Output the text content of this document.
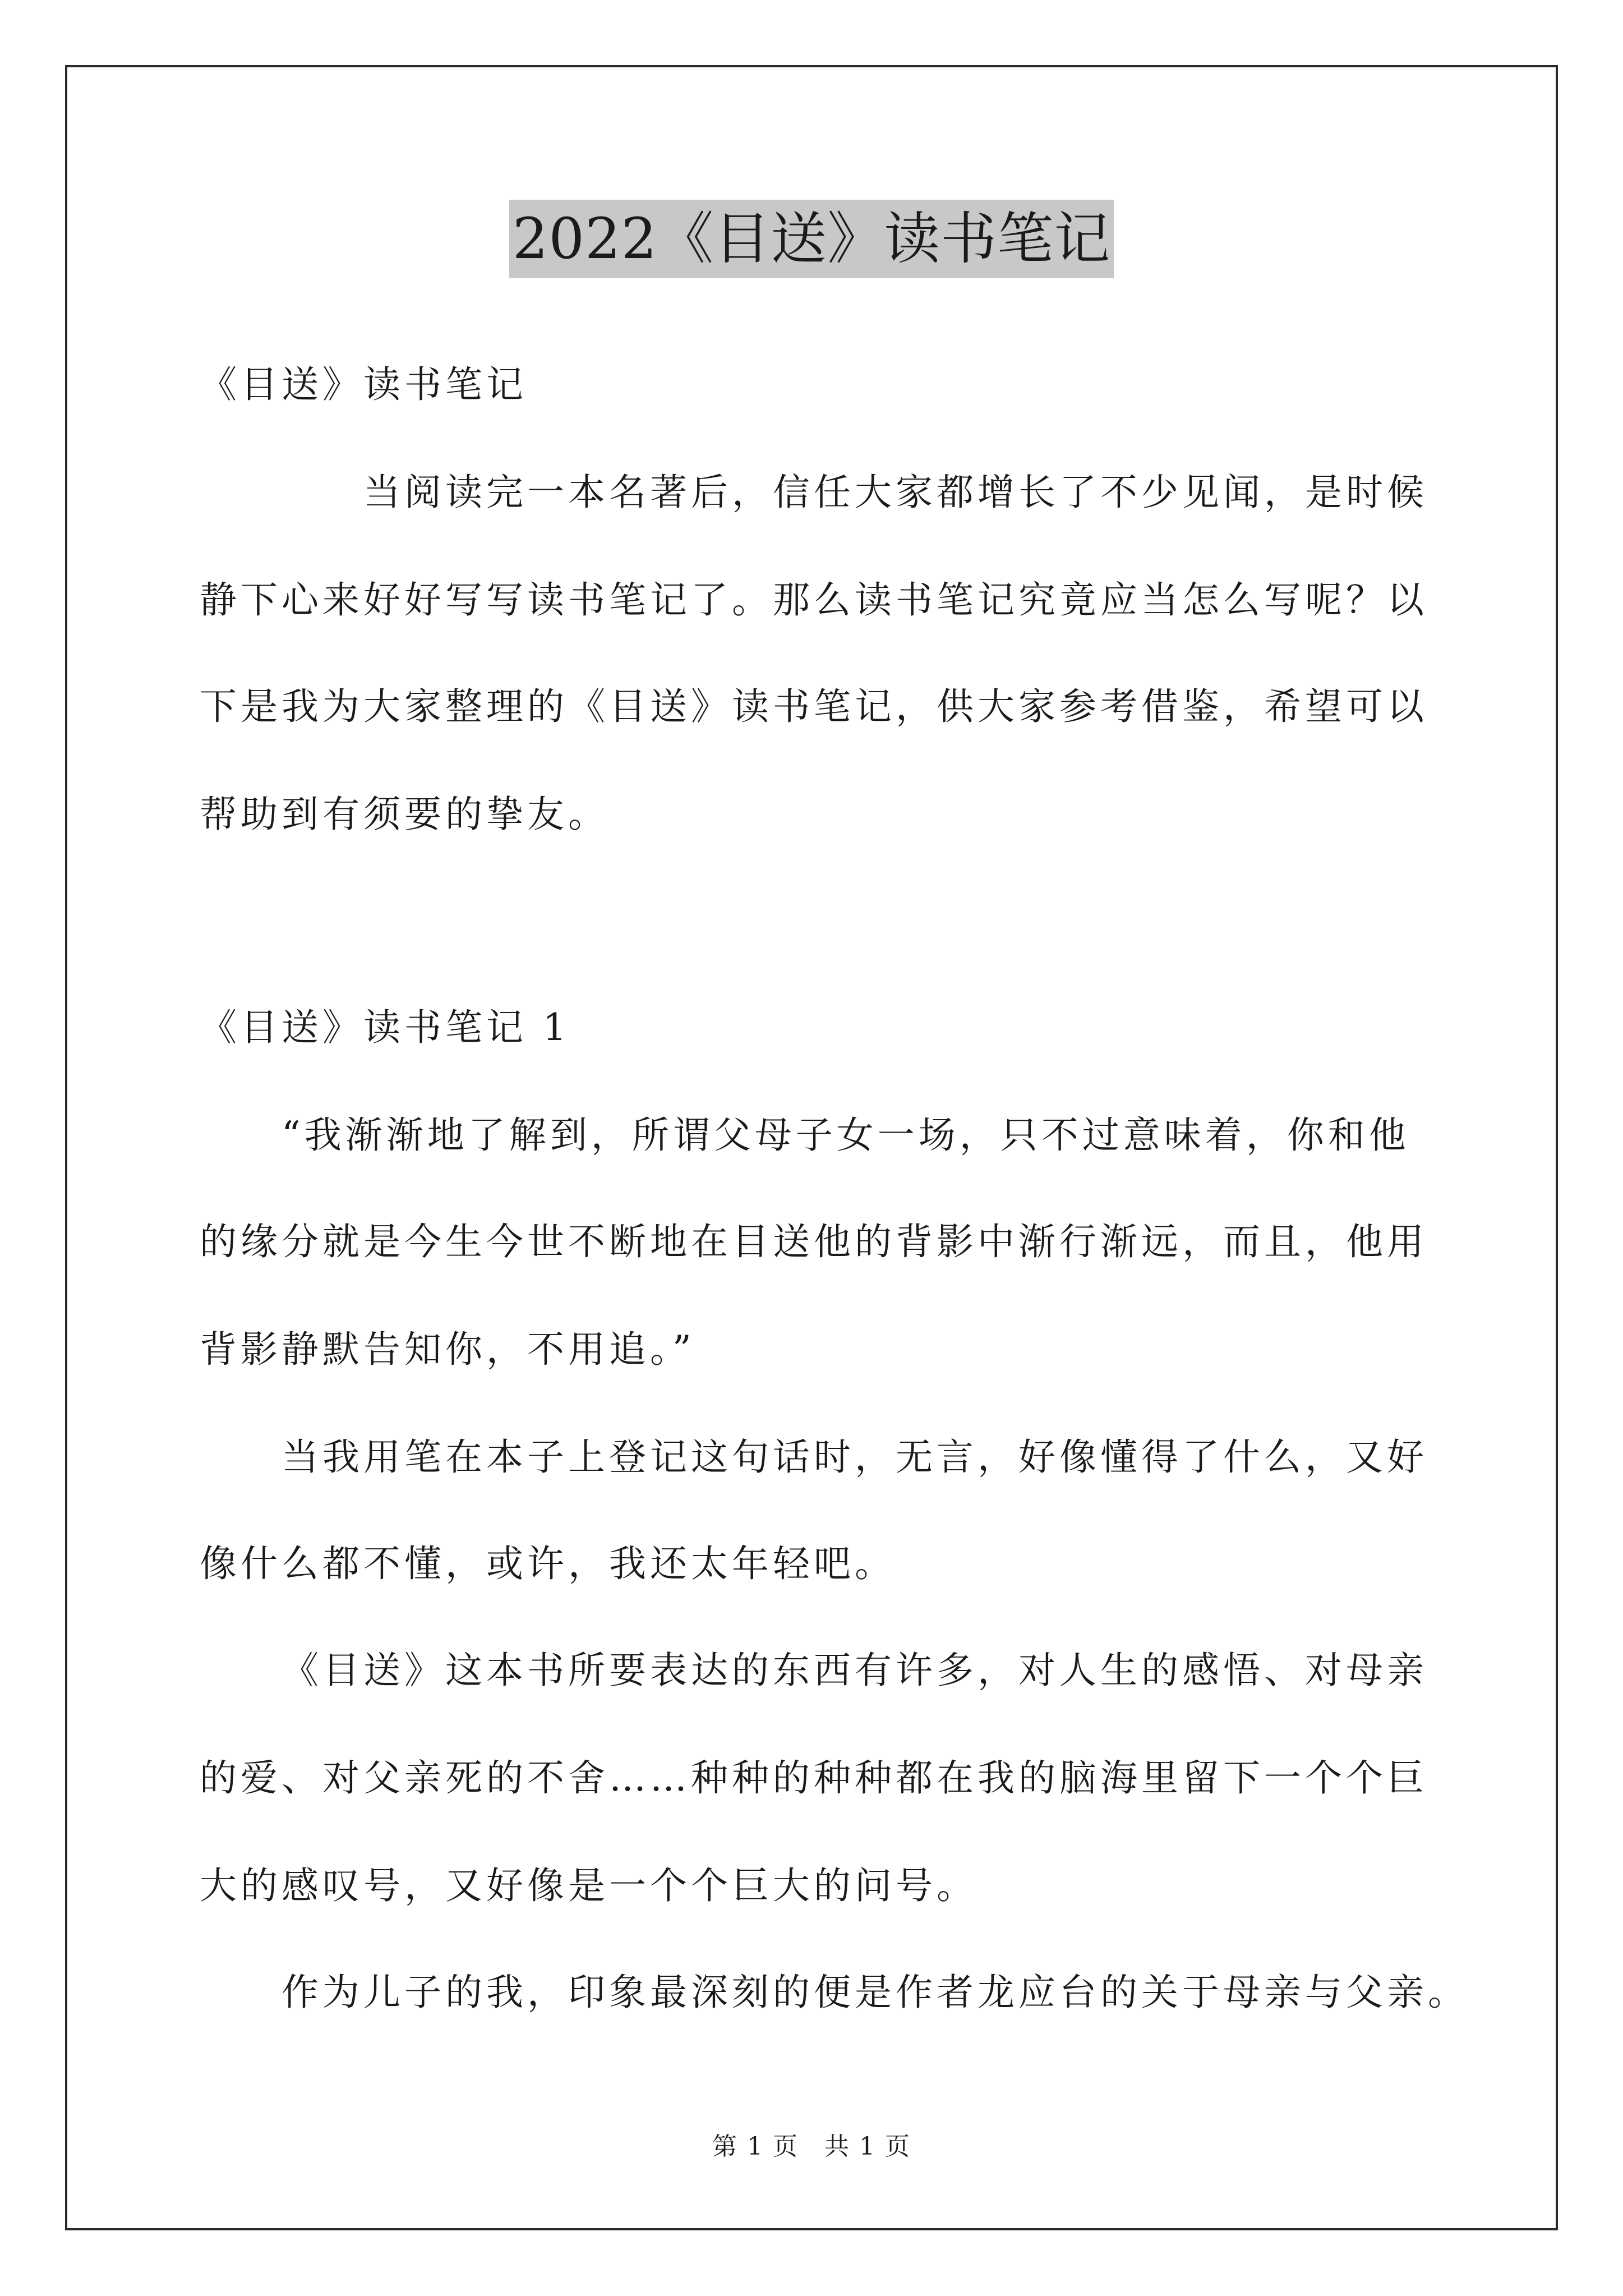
2022《目送》读书笔记
《目送》读书笔记
当阅读完一本名著后，信任大家都增长了不少见闻，是时候
静下心来好好写写读书笔记了。那么读书笔记究竟应当怎么写呢？以
下是我为大家整理的《目送》读书笔记，供大家参考借鉴，希望可以
帮助到有须要的挚友。
《目送》读书笔记 1
“我渐渐地了解到，所谓父母子女一场，只不过意味着，你和他
的缘分就是今生今世不断地在目送他的背影中渐行渐远，而且，他用
背影静默告知你，不用追。”
当我用笔在本子上登记这句话时，无言，好像懂得了什么，又好
像什么都不懂，或许，我还太年轻吧。
《目送》这本书所要表达的东西有许多，对人生的感悟、对母亲
的爱、对父亲死的不舍……种种的种种都在我的脑海里留下一个个巨
大的感叹号，又好像是一个个巨大的问号。
作为儿子的我，印象最深刻的便是作者龙应台的关于母亲与父亲。
第 1 页　共 1 页
